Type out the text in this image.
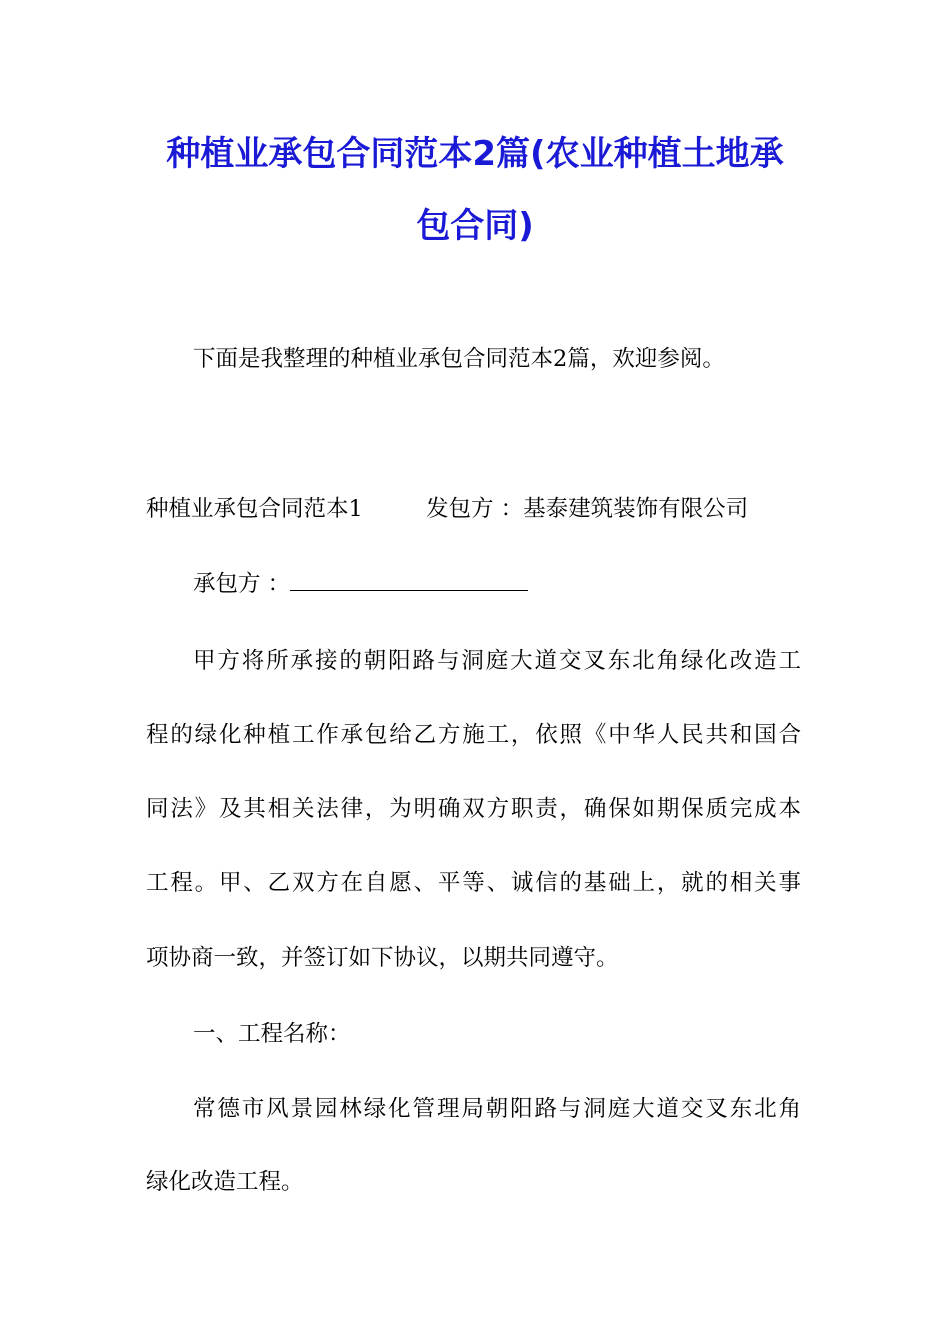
种植业承包合同范本2篇(农业种植土地承
包合同)
下面是我整理的种植业承包合同范本2篇，欢迎参阅。
种植业承包合同范本1	发包方 ：基泰建筑装饰有限公司
承包方 ：
甲方将所承接的朝阳路与洞庭大道交叉东北角绿化改造工
程的绿化种植工作承包给乙方施工，依照《中华人民共和国合
同法》及其相关法律，为明确双方职责，确保如期保质完成本
工程。甲、乙双方在自愿、平等、诚信的基础上，就的相关事
项协商一致，并签订如下协议，以期共同遵守。
一、工程名称：
常德市风景园林绿化管理局朝阳路与洞庭大道交叉东北角
绿化改造工程。
